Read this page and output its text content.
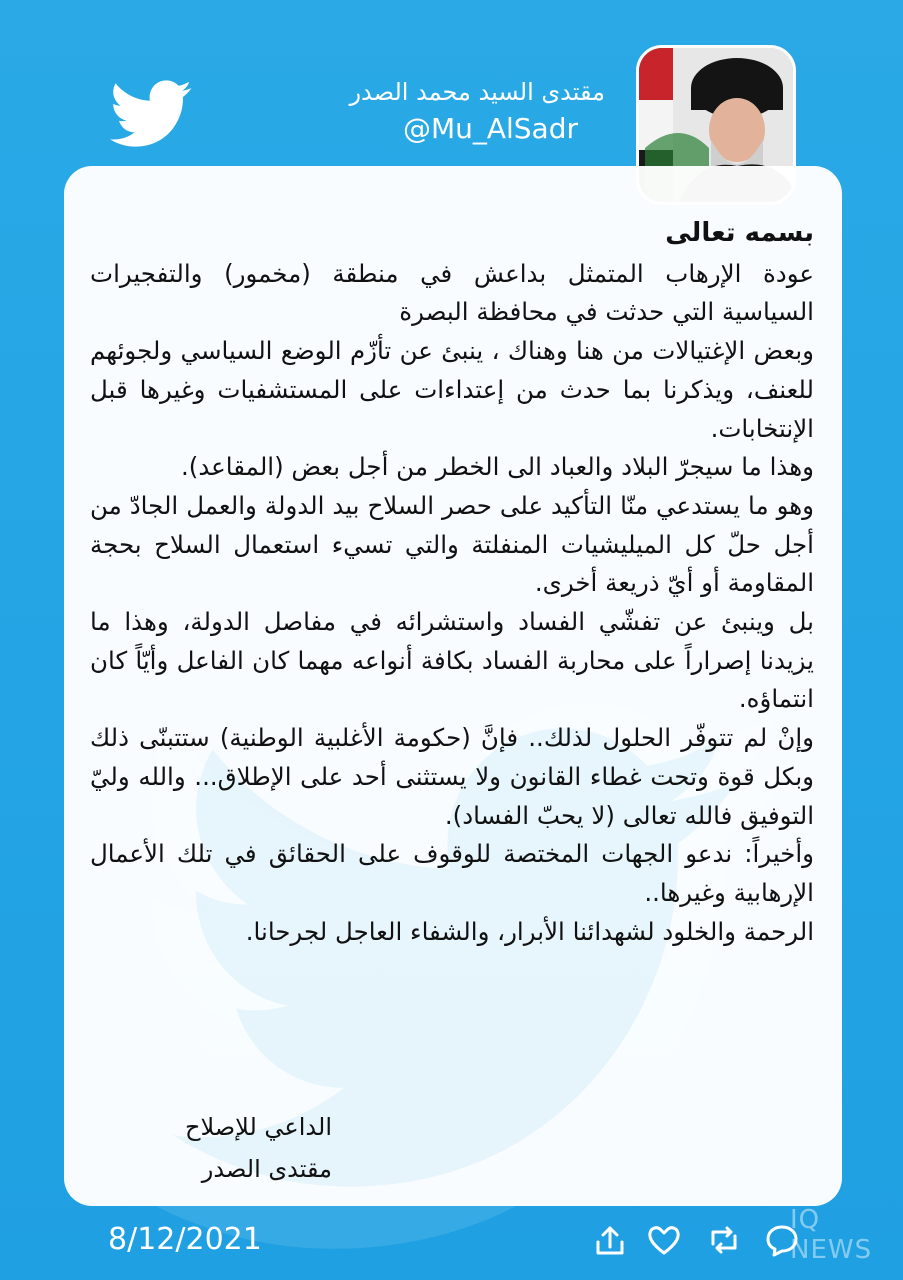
مقتدى السيد محمد الصدر
@Mu_AlSadr

بسمه تعالى

عودة الإرهاب المتمثل بداعش في منطقة (مخمور) والتفجيرات السياسية التي حدثت في محافظة البصرة

وبعض الإغتيالات من هنا وهناك ، ينبئ عن تأزّم الوضع السياسي ولجوئهم للعنف، ويذكرنا بما حدث من إعتداءات على المستشفيات وغيرها قبل الإنتخابات.

وهذا ما سيجرّ البلاد والعباد الى الخطر من أجل بعض (المقاعد).

وهو ما يستدعي منّا التأكيد على حصر السلاح بيد الدولة والعمل الجادّ من أجل حلّ كل الميليشيات المنفلتة والتي تسيء استعمال السلاح بحجة المقاومة أو أيّ ذريعة أخرى.

بل وينبئ عن تفشّي الفساد واستشرائه في مفاصل الدولة، وهذا ما يزيدنا إصراراً على محاربة الفساد بكافة أنواعه مهما كان الفاعل وأيّاً كان انتماؤه.

وإنْ لم تتوفّر الحلول لذلك.. فإنَّ (حكومة الأغلبية الوطنية) ستتبنّى ذلك وبكل قوة وتحت غطاء القانون ولا يستثنى أحد على الإطلاق... والله وليّ التوفيق فالله تعالى (لا يحبّ الفساد).

وأخيراً: ندعو الجهات المختصة للوقوف على الحقائق في تلك الأعمال الإرهابية وغيرها..

الرحمة والخلود لشهدائنا الأبرار، والشفاء العاجل لجرحانا.

الداعي للإصلاح

مقتدى الصدر

8/12/2021
IQ NEWS
